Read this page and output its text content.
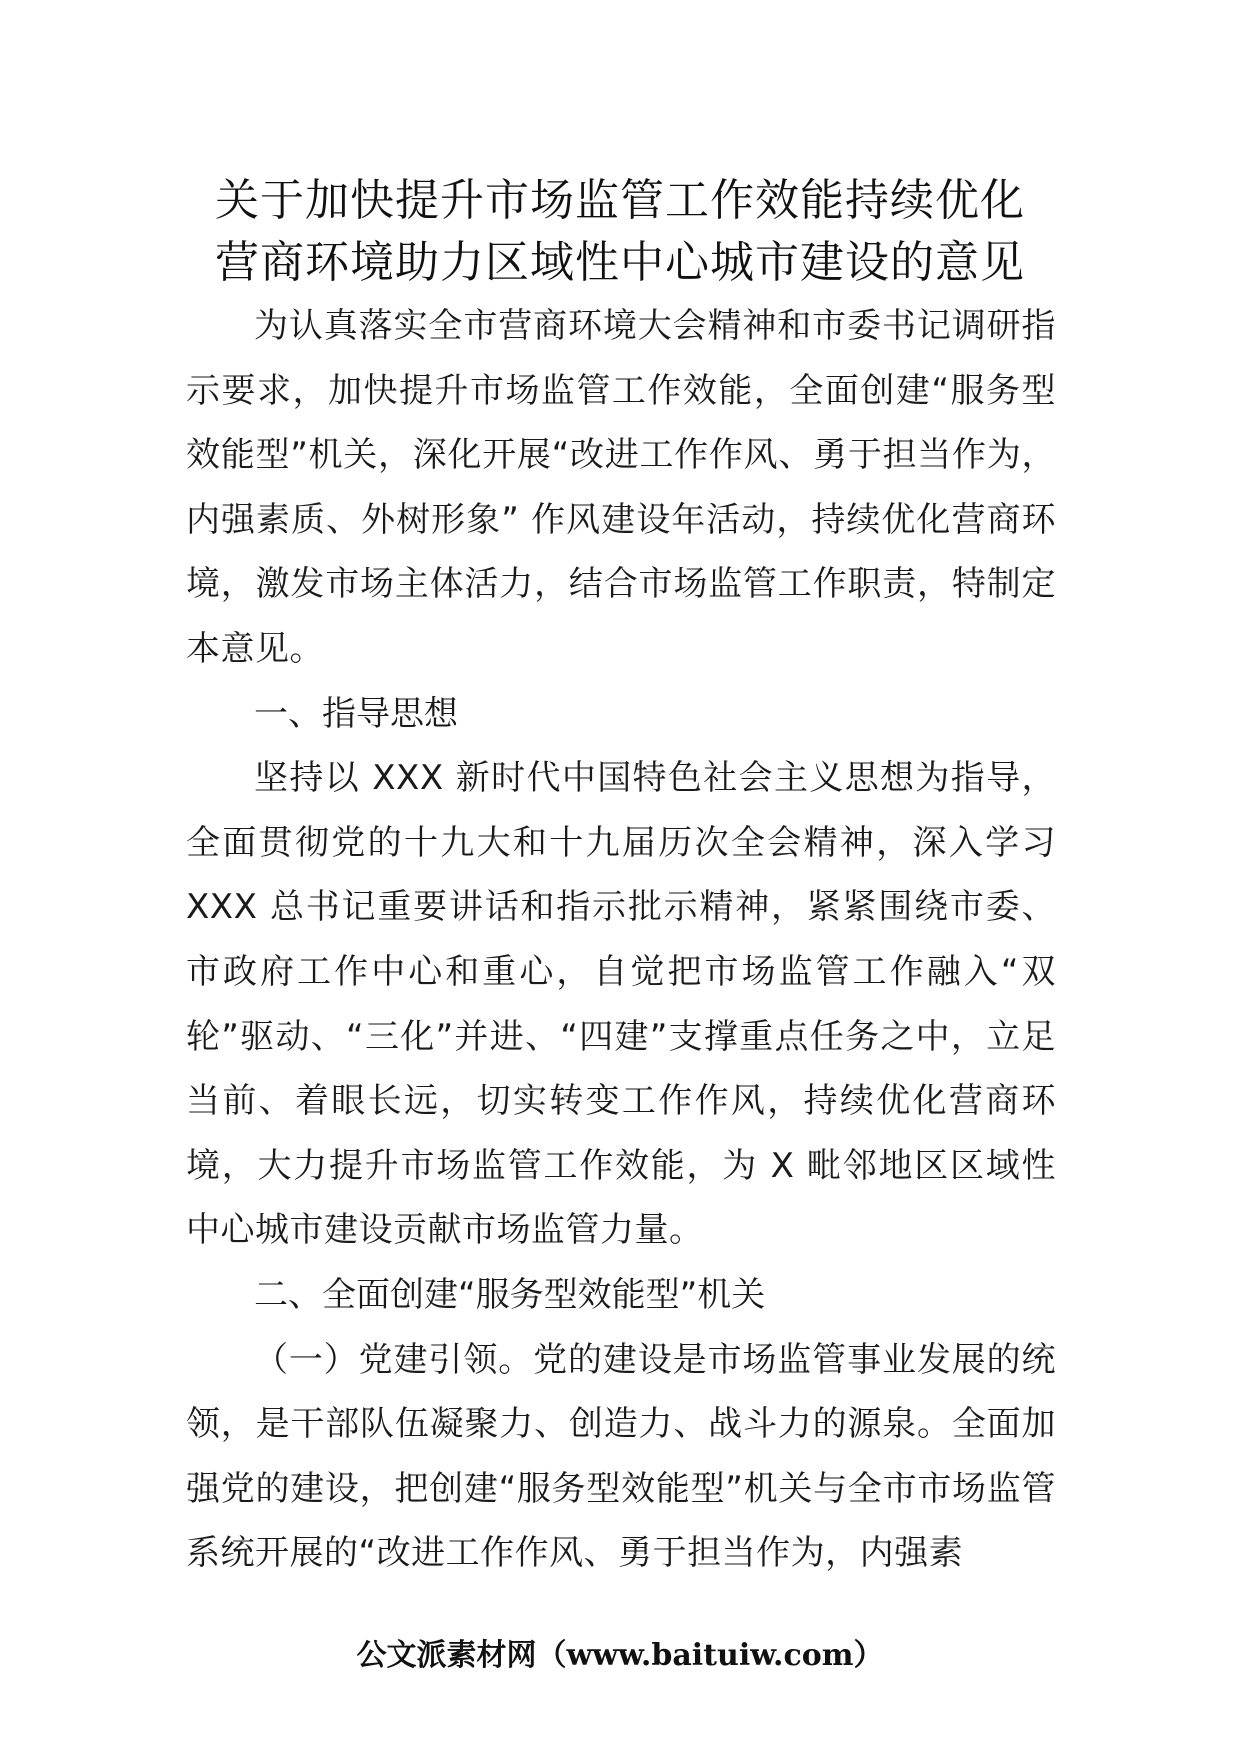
关于加快提升市场监管工作效能持续优化
营商环境助力区域性中心城市建设的意见

为认真落实全市营商环境大会精神和市委书记调研指示要求，加快提升市场监管工作效能，全面创建“服务型效能型”机关，深化开展“改进工作作风、勇于担当作为，内强素质、外树形象” 作风建设年活动，持续优化营商环境，激发市场主体活力，结合市场监管工作职责，特制定本意见。

一、指导思想

坚持以 XXX 新时代中国特色社会主义思想为指导，全面贯彻党的十九大和十九届历次全会精神，深入学习 XXX 总书记重要讲话和指示批示精神，紧紧围绕市委、市政府工作中心和重心，自觉把市场监管工作融入“双轮”驱动、“三化”并进、“四建”支撑重点任务之中，立足当前、着眼长远，切实转变工作作风，持续优化营商环境，大力提升市场监管工作效能，为 X 毗邻地区区域性中心城市建设贡献市场监管力量。

二、全面创建“服务型效能型”机关

（一）党建引领。党的建设是市场监管事业发展的统领，是干部队伍凝聚力、创造力、战斗力的源泉。全面加强党的建设，把创建“服务型效能型”机关与全市市场监管系统开展的“改进工作作风、勇于担当作为，内强素

公文派素材网（www.baituiw.com）
